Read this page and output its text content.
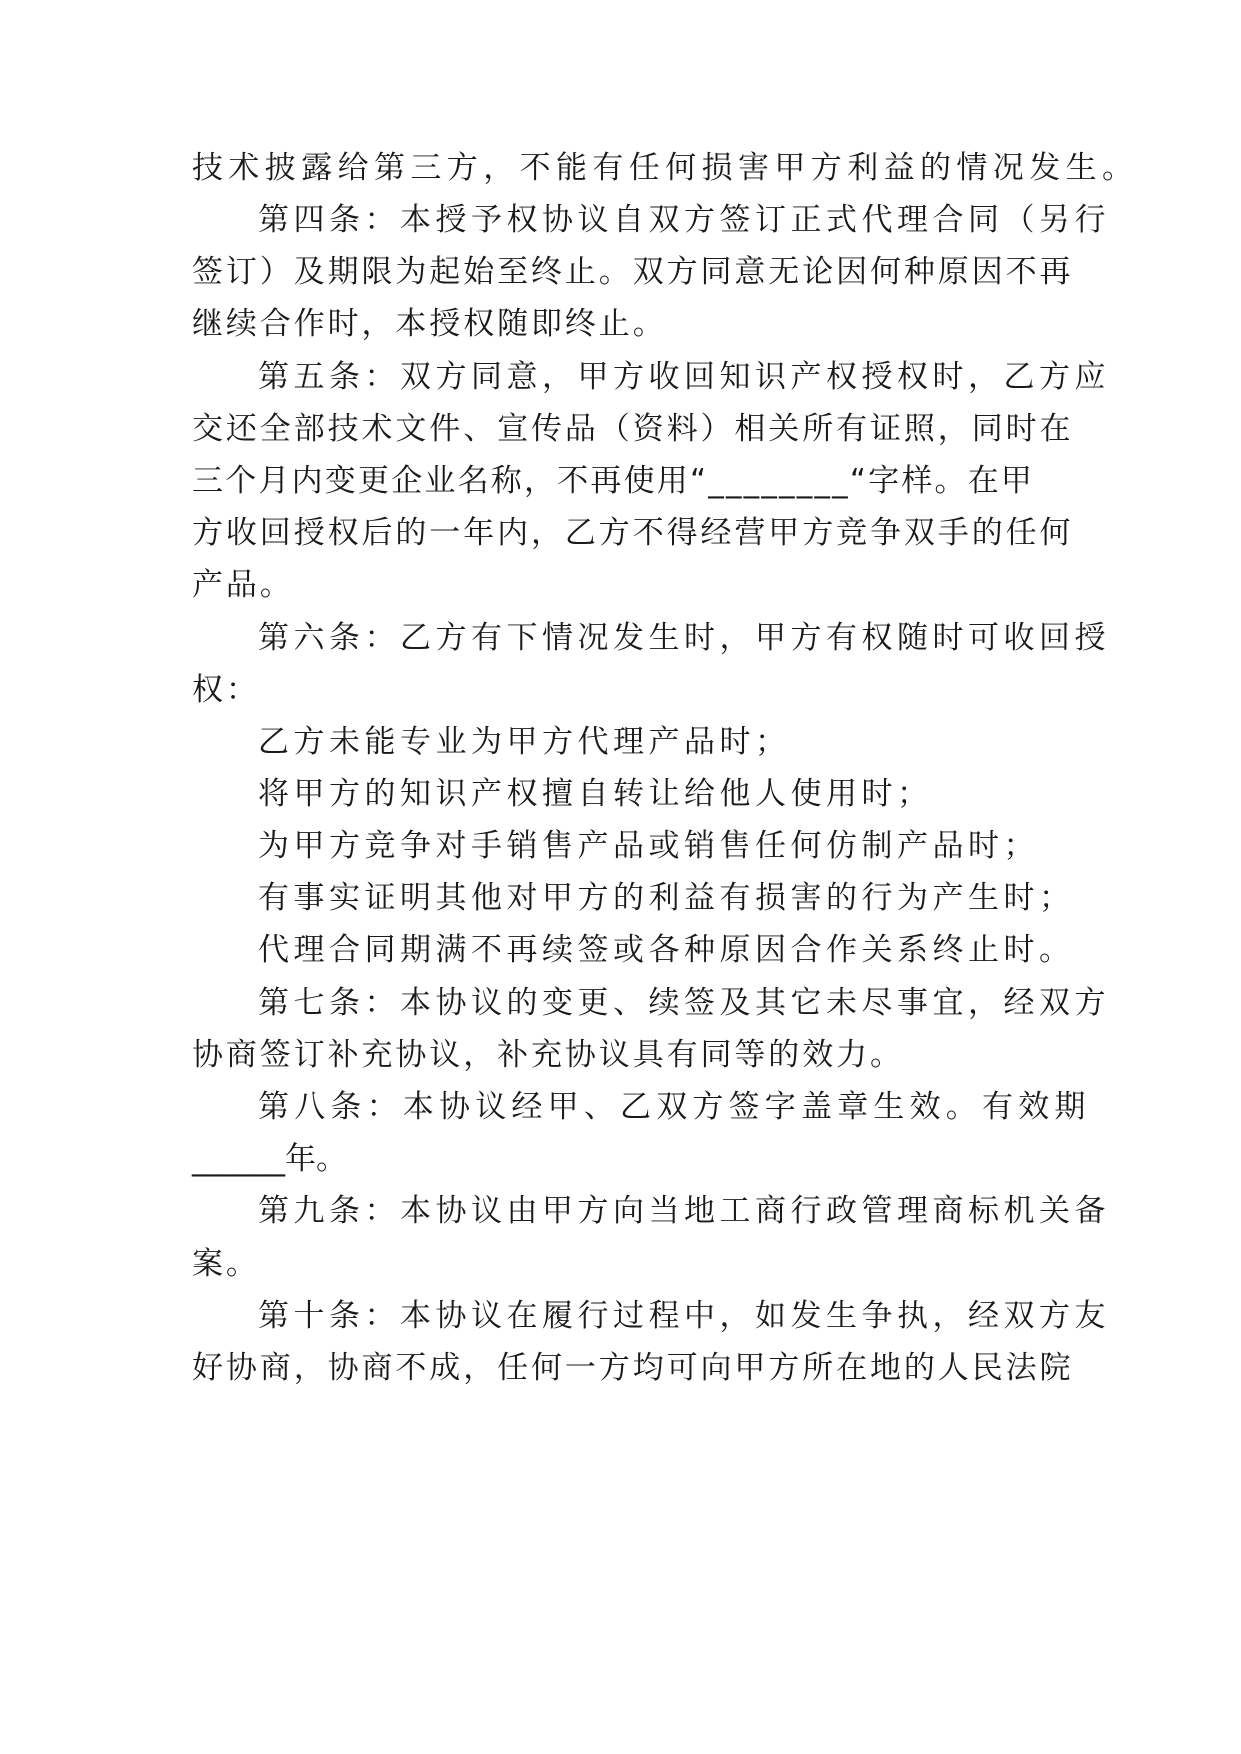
技术披露给第三方，不能有任何损害甲方利益的情况发生。
第四条：本授予权协议自双方签订正式代理合同（另行
签订）及期限为起始至终止。双方同意无论因何种原因不再
继续合作时，本授权随即终止。
第五条：双方同意，甲方收回知识产权授权时，乙方应
交还全部技术文件、宣传品（资料）相关所有证照，同时在
三个月内变更企业名称，不再使用“________“字样。在甲
方收回授权后的一年内，乙方不得经营甲方竞争双手的任何
产品。
第六条：乙方有下情况发生时，甲方有权随时可收回授
权：
乙方未能专业为甲方代理产品时；
将甲方的知识产权擅自转让给他人使用时；
为甲方竞争对手销售产品或销售任何仿制产品时；
有事实证明其他对甲方的利益有损害的行为产生时；
代理合同期满不再续签或各种原因合作关系终止时。
第七条：本协议的变更、续签及其它未尽事宜，经双方
协商签订补充协议，补充协议具有同等的效力。
第八条：本协议经甲、乙双方签字盖章生效。有效期
______年。
第九条：本协议由甲方向当地工商行政管理商标机关备
案。
第十条：本协议在履行过程中，如发生争执，经双方友
好协商，协商不成，任何一方均可向甲方所在地的人民法院
